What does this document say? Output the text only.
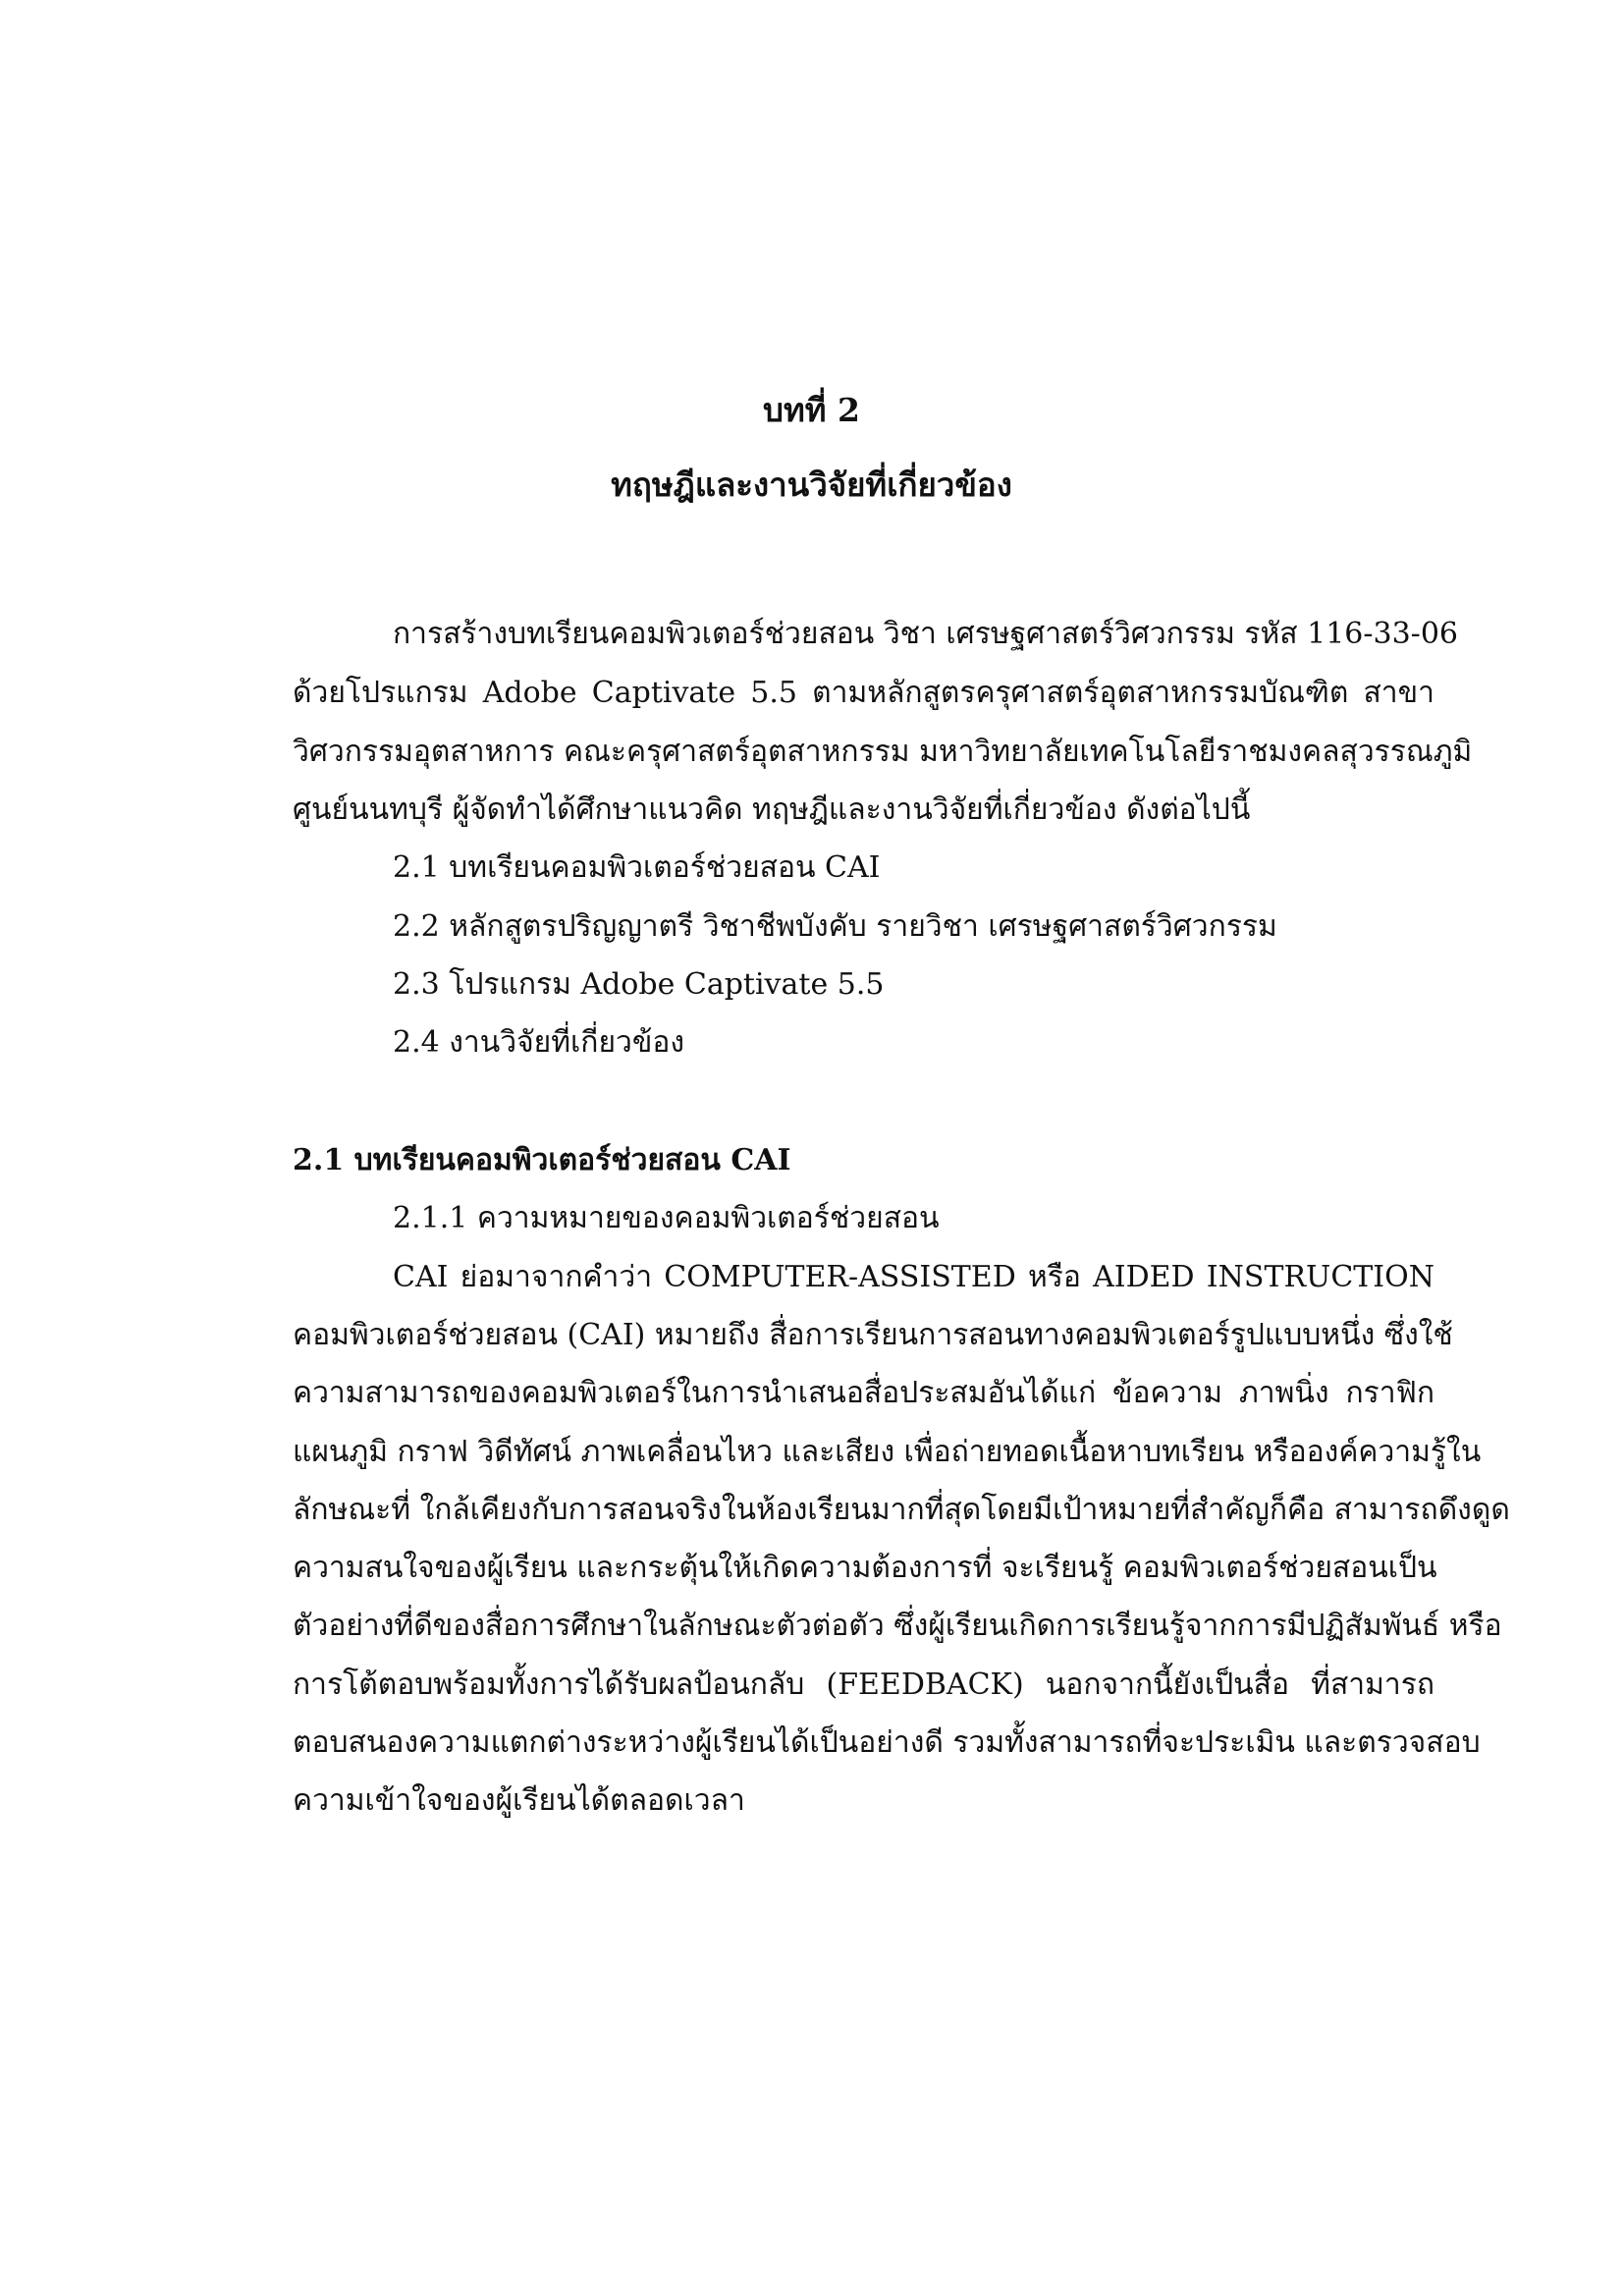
บทที่ 2
ทฤษฎีและงานวิจัยที่เกี่ยวข้อง

การสร้างบทเรียนคอมพิวเตอร์ช่วยสอน วิชา เศรษฐศาสตร์วิศวกรรม รหัส 116-33-06

ด้วยโปรแกรม Adobe Captivate 5.5 ตามหลักสูตรครุศาสตร์อุตสาหกรรมบัณฑิต สาขา

วิศวกรรมอุตสาหการ คณะครุศาสตร์อุตสาหกรรม มหาวิทยาลัยเทคโนโลยีราชมงคลสุวรรณภูมิ

ศูนย์นนทบุรี ผู้จัดทำได้ศึกษาแนวคิด ทฤษฎีและงานวิจัยที่เกี่ยวข้อง ดังต่อไปนี้

2.1 บทเรียนคอมพิวเตอร์ช่วยสอน CAI

2.2 หลักสูตรปริญญาตรี วิชาชีพบังคับ รายวิชา เศรษฐศาสตร์วิศวกรรม

2.3 โปรแกรม Adobe Captivate 5.5

2.4 งานวิจัยที่เกี่ยวข้อง

2.1 บทเรียนคอมพิวเตอร์ช่วยสอน CAI

2.1.1 ความหมายของคอมพิวเตอร์ช่วยสอน

CAI ย่อมาจากคำว่า COMPUTER-ASSISTED หรือ AIDED INSTRUCTION

คอมพิวเตอร์ช่วยสอน (CAI) หมายถึง สื่อการเรียนการสอนทางคอมพิวเตอร์รูปแบบหนึ่ง ซึ่งใช้

ความสามารถของคอมพิวเตอร์ในการนำเสนอสื่อประสมอันได้แก่ ข้อความ ภาพนิ่ง กราฟิก

แผนภูมิ กราฟ วิดีทัศน์ ภาพเคลื่อนไหว และเสียง เพื่อถ่ายทอดเนื้อหาบทเรียน หรือองค์ความรู้ใน

ลักษณะที่ ใกล้เคียงกับการสอนจริงในห้องเรียนมากที่สุดโดยมีเป้าหมายที่สำคัญก็คือ สามารถดึงดูด

ความสนใจของผู้เรียน และกระตุ้นให้เกิดความต้องการที่ จะเรียนรู้ คอมพิวเตอร์ช่วยสอนเป็น

ตัวอย่างที่ดีของสื่อการศึกษาในลักษณะตัวต่อตัว ซึ่งผู้เรียนเกิดการเรียนรู้จากการมีปฏิสัมพันธ์ หรือ

การโต้ตอบพร้อมทั้งการได้รับผลป้อนกลับ (FEEDBACK) นอกจากนี้ยังเป็นสื่อ ที่สามารถ

ตอบสนองความแตกต่างระหว่างผู้เรียนได้เป็นอย่างดี รวมทั้งสามารถที่จะประเมิน และตรวจสอบ

ความเข้าใจของผู้เรียนได้ตลอดเวลา
